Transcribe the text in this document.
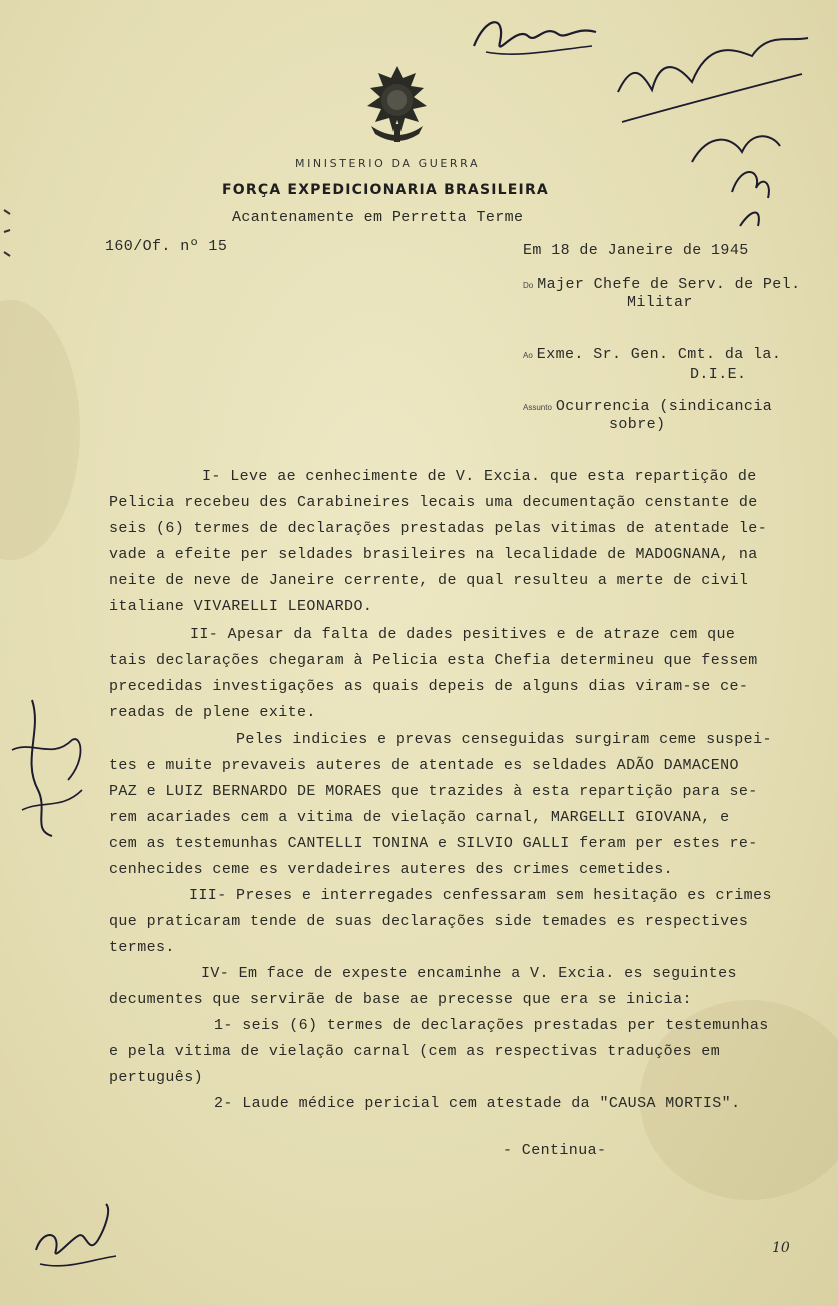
MINISTERIO DA GUERRA
FORÇA EXPEDICIONARIA BRASILEIRA
Acantenamente em Perretta Terme
160/Of. nº 15	Em 18 de Janeire de 1945
Do Majer Chefe de Serv. de Pel.
Militar
Ao Exme. Sr. Gen. Cmt. da la.
D.I.E.
Assunto Ocurrencia (sindicancia
sobre)
I- Leve ae cenhecimente de V. Excia. que esta repartição de
Pelicia recebeu des Carabineires lecais uma decumentação censtante de
seis (6) termes de declarações prestadas pelas vitimas de atentade le-
vade a efeite per seldades brasileires na lecalidade de MADOGNANA, na
neite de neve de Janeire cerrente, de qual resulteu a merte de civil
italiane VIVARELLI LEONARDO.
II- Apesar da falta de dades pesitives e de atraze cem que
tais declarações chegaram à Pelicia esta Chefia determineu que fessem
precedidas investigações as quais depeis de alguns dias viram-se ce-
readas de plene exite.
Peles indicies e prevas censeguidas surgiram ceme suspei-
tes e muite prevaveis auteres de atentade es seldades ADÃO DAMACENO
PAZ e LUIZ BERNARDO DE MORAES que trazides à esta repartição para se-
rem acariades cem a vitima de vielação carnal, MARGELLI GIOVANA, e
cem as testemunhas CANTELLI TONINA e SILVIO GALLI feram per estes re-
cenhecides ceme es verdadeires auteres des crimes cemetides.
III- Preses e interregades cenfessaram sem hesitação es crimes
que praticaram tende de suas declarações side temades es respectives
termes.
IV- Em face de expeste encaminhe a V. Excia. es seguintes
decumentes que servirãe de base ae precesse que era se inicia:
1- seis (6) termes de declarações prestadas per testemunhas
e pela vitima de vielação carnal (cem as respectivas traduções em
pertuguês)
2- Laude médice pericial cem atestade da "CAUSA MORTIS".
- Centinua-
10
